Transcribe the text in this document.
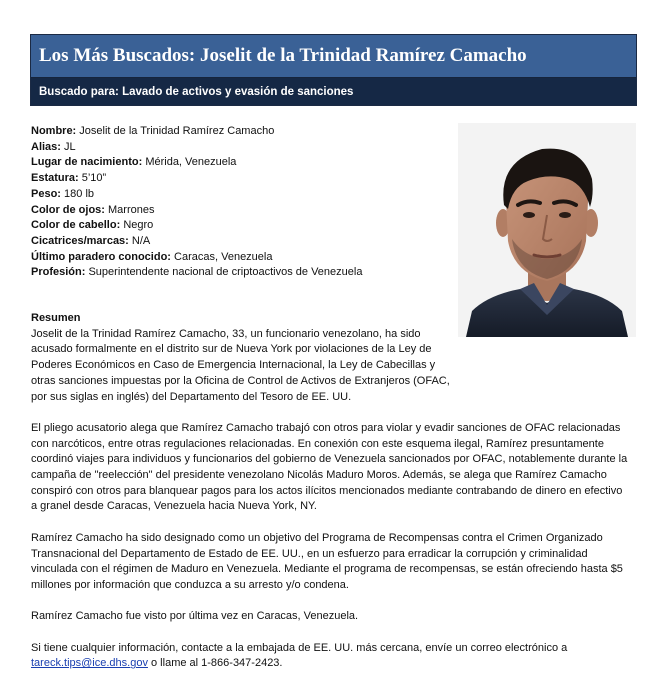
Los Más Buscados: Joselit de la Trinidad Ramírez Camacho
Buscado para: Lavado de activos y evasión de sanciones
Nombre: Joselit de la Trinidad Ramírez Camacho
Alias: JL
Lugar de nacimiento: Mérida, Venezuela
Estatura: 5’10”
Peso: 180 lb
Color de ojos: Marrones
Color de cabello: Negro
Cicatrices/marcas: N/A
Último paradero conocido: Caracas, Venezuela
Profesión: Superintendente nacional de criptoactivos de Venezuela
Resumen

Joselit de la Trinidad Ramírez Camacho, 33, un funcionario venezolano, ha sido acusado formalmente en el distrito sur de Nueva York por violaciones de la Ley de Poderes Económicos en Caso de Emergencia Internacional, la Ley de Cabecillas y otras sanciones impuestas por la Oficina de Control de Activos de Extranjeros (OFAC, por sus siglas en inglés) del Departamento del Tesoro de EE. UU.

El pliego acusatorio alega que Ramírez Camacho trabajó con otros para violar y evadir sanciones de OFAC relacionadas con narcóticos, entre otras regulaciones relacionadas. En conexión con este esquema ilegal, Ramírez presuntamente coordinó viajes para individuos y funcionarios del gobierno de Venezuela sancionados por OFAC, notablemente durante la campaña de "reelección" del presidente venezolano Nicolás Maduro Moros. Además, se alega que Ramírez Camacho conspiró con otros para blanquear pagos para los actos ilícitos mencionados mediante contrabando de dinero en efectivo a granel desde Caracas, Venezuela hacia Nueva York, NY.

Ramírez Camacho ha sido designado como un objetivo del Programa de Recompensas contra el Crimen Organizado Transnacional del Departamento de Estado de EE. UU., en un esfuerzo para erradicar la corrupción y criminalidad vinculada con el régimen de Maduro en Venezuela. Mediante el programa de recompensas, se están ofreciendo hasta $5 millones por información que conduzca a su arresto y/o condena.

Ramírez Camacho fue visto por última vez en Caracas, Venezuela.

Si tiene cualquier información, contacte a la embajada de EE. UU. más cercana, envíe un correo electrónico a tareck.tips@ice.dhs.gov o llame al 1-866-347-2423.
